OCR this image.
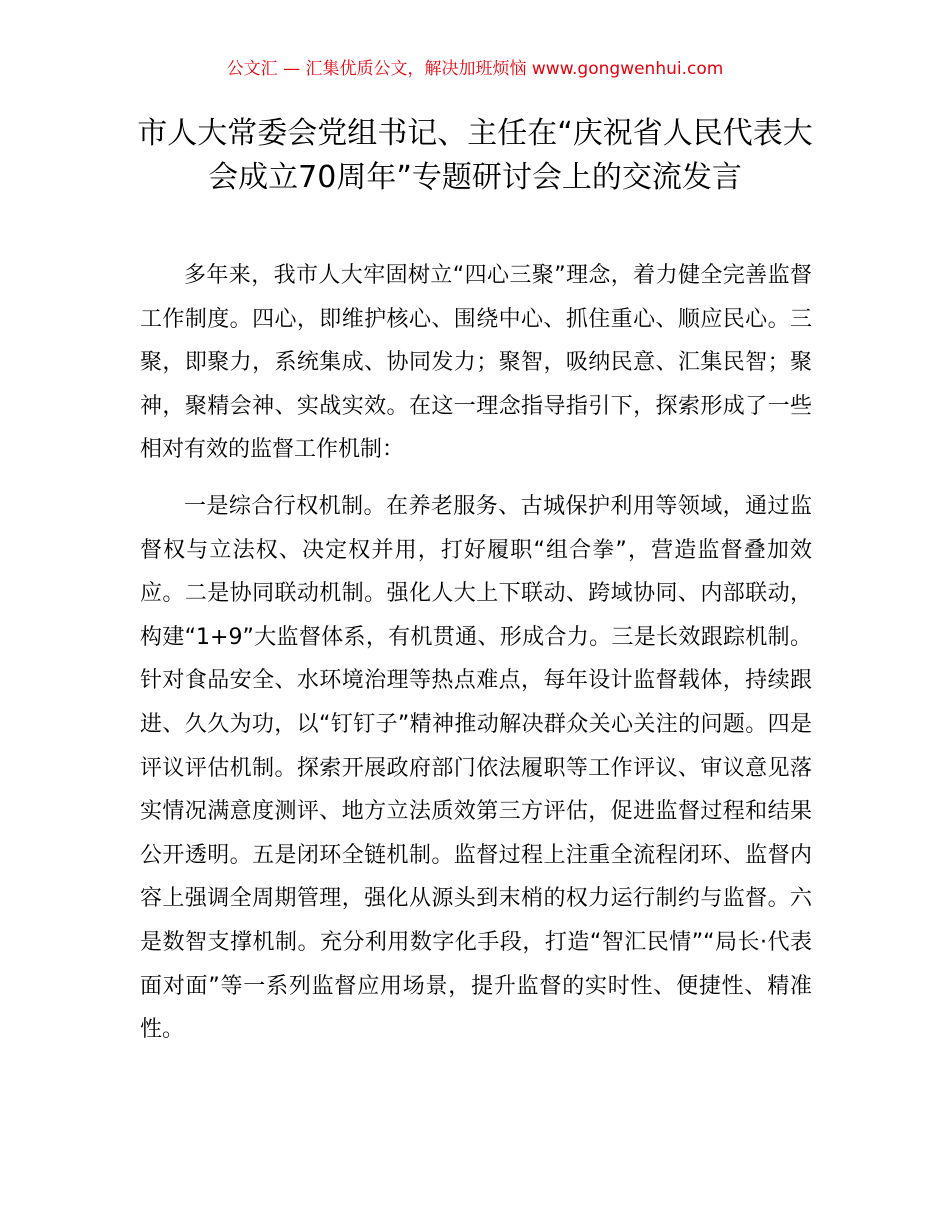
公文汇 — 汇集优质公文，解决加班烦恼 www.gongwenhui.com
市人大常委会党组书记、主任在“庆祝省人民代表大会成立70周年”专题研讨会上的交流发言

多年来，我市人大牢固树立“四心三聚”理念，着力健全完善监督工作制度。四心，即维护核心、围绕中心、抓住重心、顺应民心。三聚，即聚力，系统集成、协同发力；聚智，吸纳民意、汇集民智；聚神，聚精会神、实战实效。在这一理念指导指引下，探索形成了一些相对有效的监督工作机制：

一是综合行权机制。在养老服务、古城保护利用等领域，通过监督权与立法权、决定权并用，打好履职“组合拳”，营造监督叠加效应。二是协同联动机制。强化人大上下联动、跨域协同、内部联动，构建“1+9”大监督体系，有机贯通、形成合力。三是长效跟踪机制。针对食品安全、水环境治理等热点难点，每年设计监督载体，持续跟进、久久为功，以“钉钉子”精神推动解决群众关心关注的问题。四是评议评估机制。探索开展政府部门依法履职等工作评议、审议意见落实情况满意度测评、地方立法质效第三方评估，促进监督过程和结果公开透明。五是闭环全链机制。监督过程上注重全流程闭环、监督内容上强调全周期管理，强化从源头到末梢的权力运行制约与监督。六是数智支撑机制。充分利用数字化手段，打造“智汇民情”“局长·代表面对面”等一系列监督应用场景，提升监督的实时性、便捷性、精准性。
